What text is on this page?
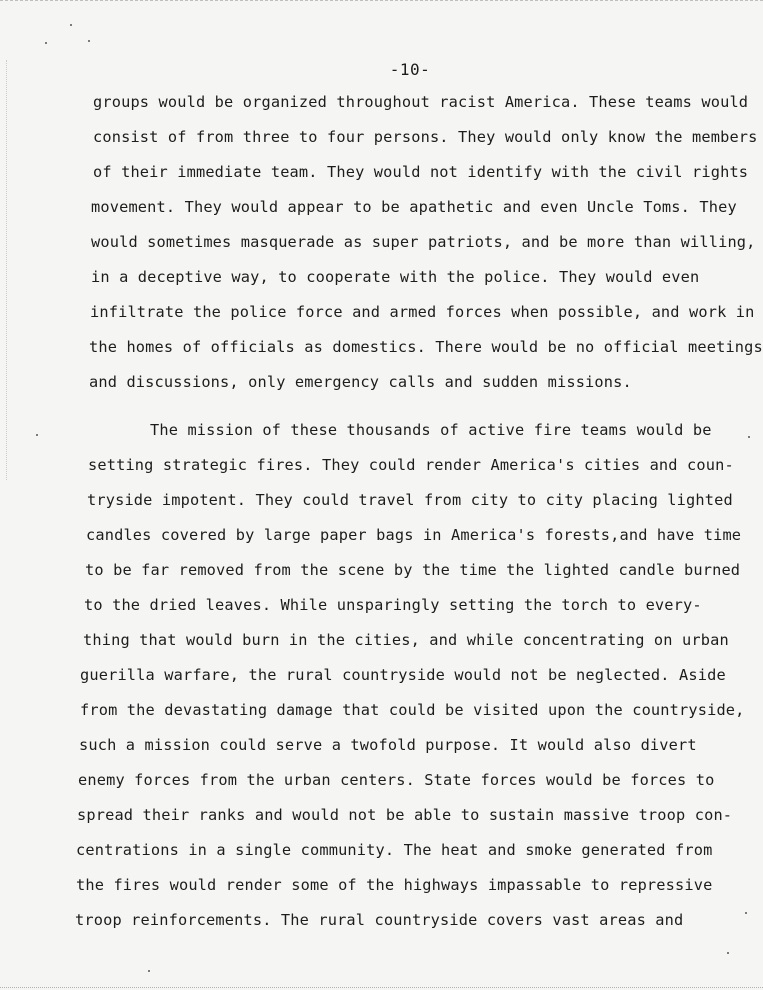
-10-
groups would be organized throughout racist America. These teams would
consist of from three to four persons. They would only know the members
of their immediate team. They would not identify with the civil rights
movement. They would appear to be apathetic and even Uncle Toms. They
would sometimes masquerade as super patriots, and be more than willing,
in a deceptive way, to cooperate with the police. They would even
infiltrate the police force and armed forces when possible, and work in
the homes of officials as domestics. There would be no official meetings
and discussions, only emergency calls and sudden missions.
The mission of these thousands of active fire teams would be
setting strategic fires. They could render America's cities and coun-
tryside impotent. They could travel from city to city placing lighted
candles covered by large paper bags in America's forests,and have time
to be far removed from the scene by the time the lighted candle burned
to the dried leaves. While unsparingly setting the torch to every-
thing that would burn in the cities, and while concentrating on urban
guerilla warfare, the rural countryside would not be neglected. Aside
from the devastating damage that could be visited upon the countryside,
such a mission could serve a twofold purpose. It would also divert
enemy forces from the urban centers. State forces would be forces to
spread their ranks and would not be able to sustain massive troop con-
centrations in a single community. The heat and smoke generated from
the fires would render some of the highways impassable to repressive
troop reinforcements. The rural countryside covers vast areas and
